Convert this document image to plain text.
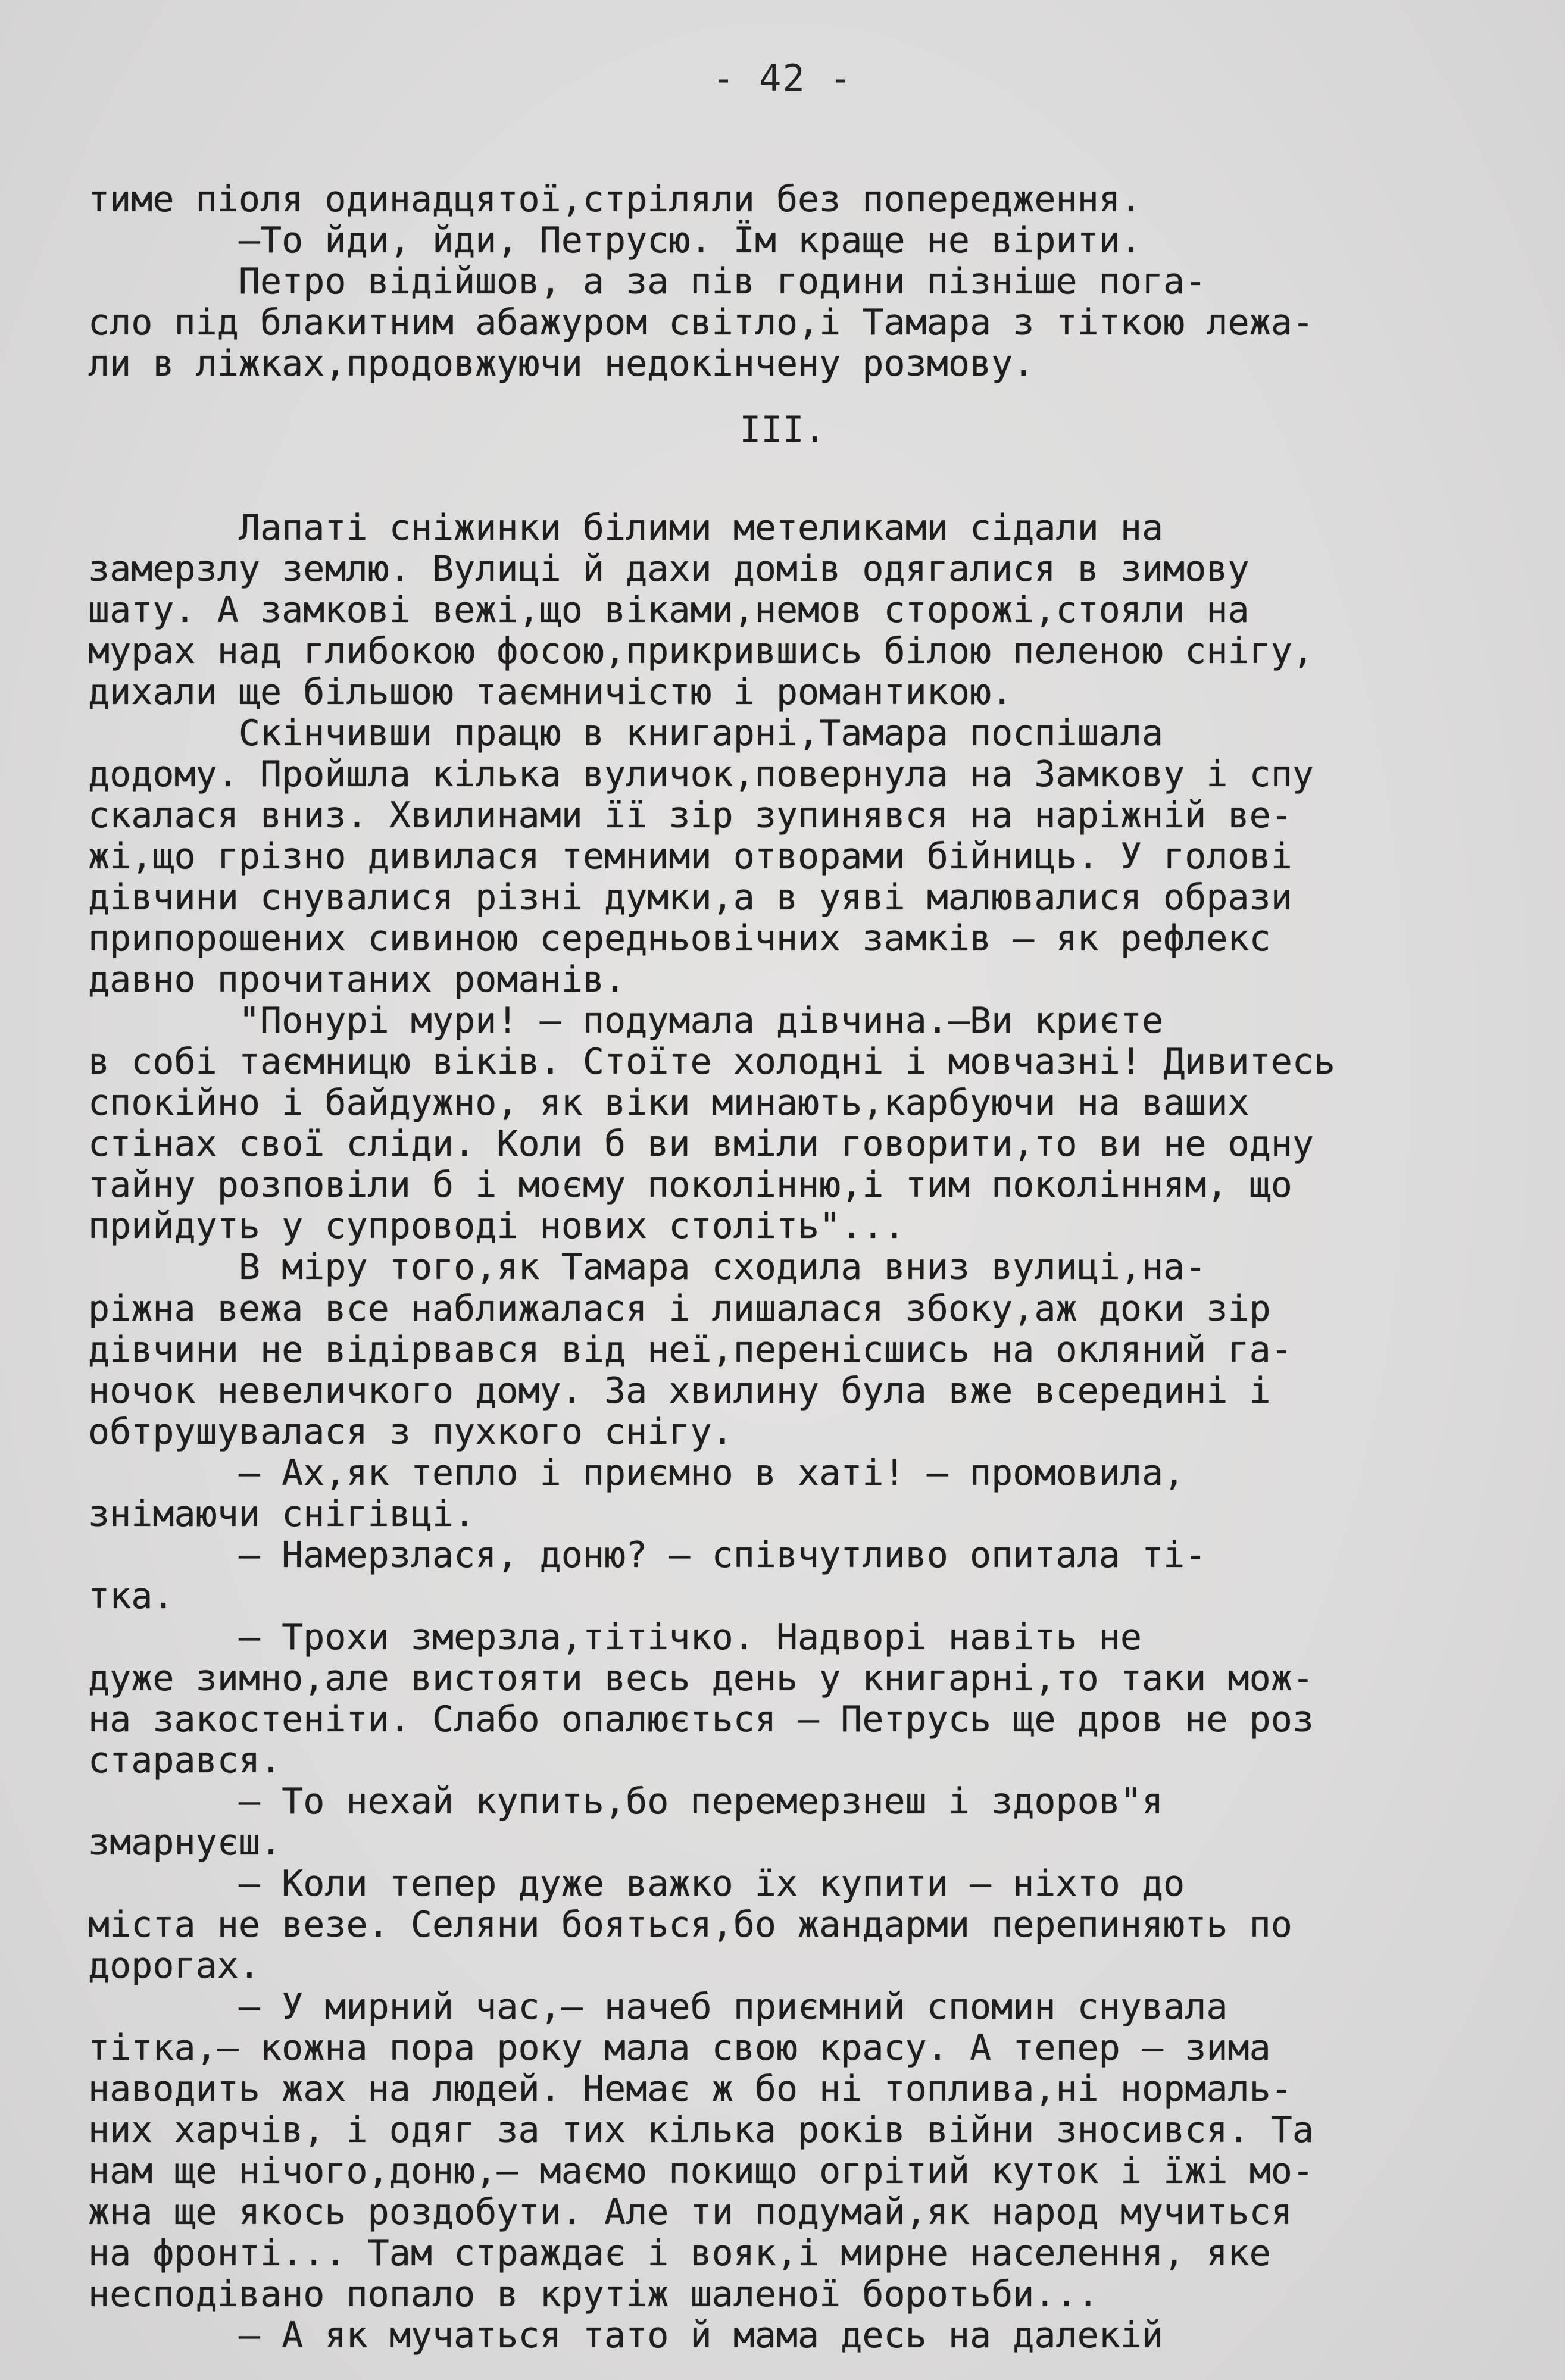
- 42 -
III.
тиме піоля одинадцятої,стріляли без попередження.
—То йди, йди, Петрусю. Їм краще не вірити.
Петро відійшов, а за пів години пізніше пога-
сло під блакитним абажуром світло,і Тамара з тіткою лежа-
ли в ліжках,продовжуючи недокінчену розмову.
Лапаті сніжинки білими метеликами сідали на
замерзлу землю. Вулиці й дахи домів одягалися в зимову
шату. А замкові вежі,що віками,немов сторожі,стояли на
мурах над глибокою фосою,прикрившись білою пеленою снігу,
дихали ще більшою таємничістю і романтикою.
Скінчивши працю в книгарні,Тамара поспішала
додому. Пройшла кілька вуличок,повернула на Замкову і спу
скалася вниз. Хвилинами її зір зупинявся на наріжній ве-
жі,що грізно дивилася темними отворами бійниць. У голові
дівчини снувалися різні думки,а в уяві малювалися образи
припорошених сивиною середньовічних замків — як рефлекс
давно прочитаних романів.
"Понурі мури! — подумала дівчина.—Ви криєте
в собі таємницю віків. Стоїте холодні і мовчазні! Дивитесь
спокійно і байдужно, як віки минають,карбуючи на ваших
стінах свої сліди. Коли б ви вміли говорити,то ви не одну
тайну розповіли б і моєму поколінню,і тим поколінням, що
прийдуть у супроводі нових століть"...
В міру того,як Тамара сходила вниз вулиці,на-
ріжна вежа все наближалася і лишалася збоку,аж доки зір
дівчини не відірвався від неї,перенісшись на окляний га-
ночок невеличкого дому. За хвилину була вже всередині і
обтрушувалася з пухкого снігу.
— Ах,як тепло і приємно в хаті! — промовила,
знімаючи снігівці.
— Намерзлася, доню? — співчутливо опитала ті-
тка.
— Трохи змерзла,тітічко. Надворі навіть не
дуже зимно,але вистояти весь день у книгарні,то таки мож-
на закостеніти. Слабо опалюється — Петрусь ще дров не роз
старався.
— То нехай купить,бо перемерзнеш і здоров"я
змарнуєш.
— Коли тепер дуже важко їх купити — ніхто до
міста не везе. Селяни бояться,бо жандарми перепиняють по
дорогах.
— У мирний час,— начеб приємний спомин снувала
тітка,— кожна пора року мала свою красу. А тепер — зима
наводить жах на людей. Немає ж бо ні топлива,ні нормаль-
них харчів, і одяг за тих кілька років війни зносився. Та
нам ще нічого,доню,— маємо покищо огрітий куток і їжі мо-
жна ще якось роздобути. Але ти подумай,як народ мучиться
на фронті... Там страждає і вояк,і мирне населення, яке
несподівано попало в крутіж шаленої боротьби...
— А як мучаться тато й мама десь на далекій
